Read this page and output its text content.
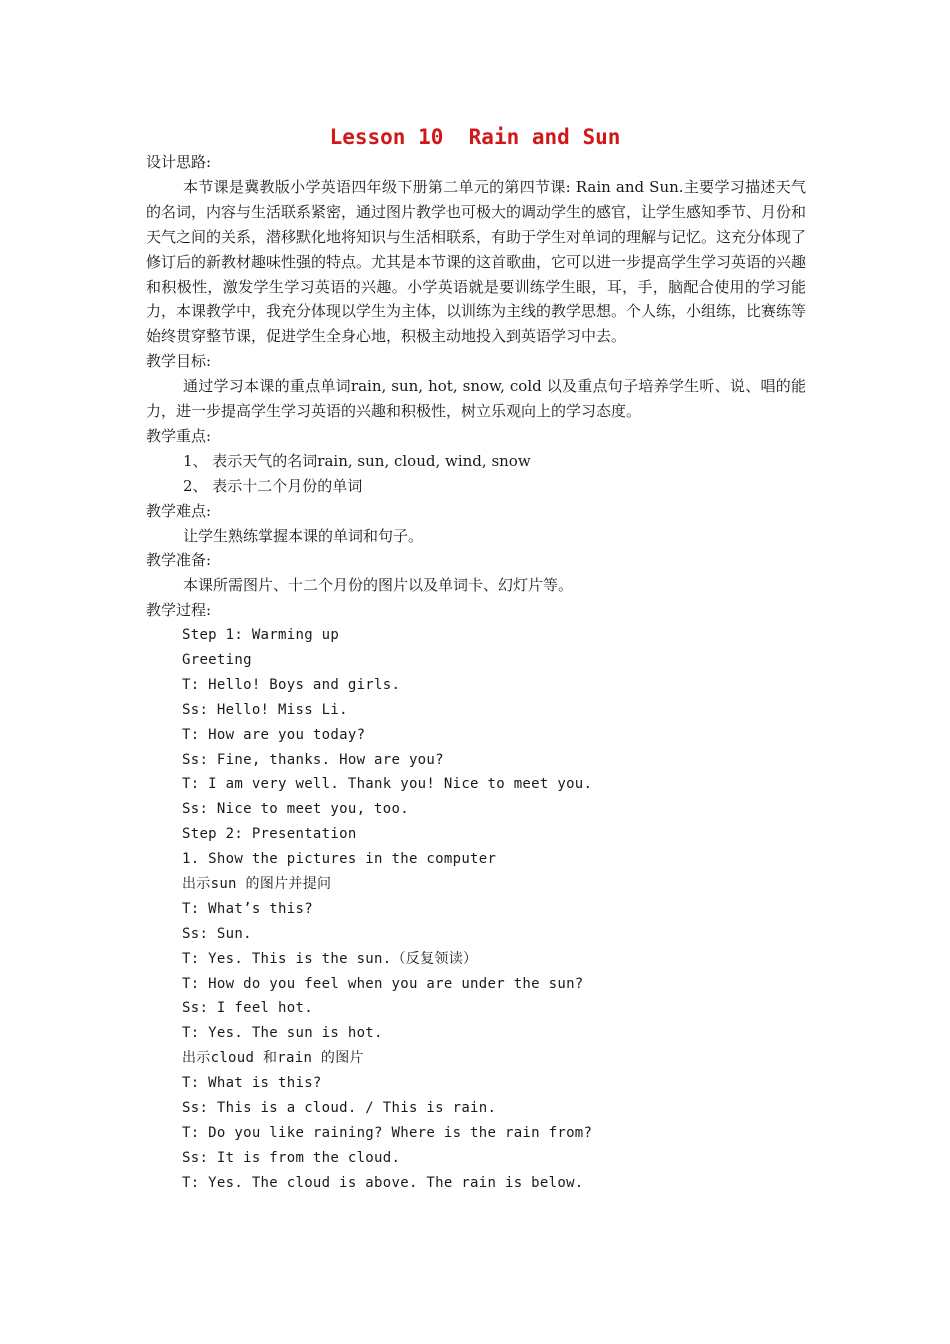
Lesson 10  Rain and Sun
设计思路:
本节课是冀教版小学英语四年级下册第二单元的第四节课: Rain and Sun.主要学习描述天气的名词，内容与生活联系紧密，通过图片教学也可极大的调动学生的感官，让学生感知季节、月份和天气之间的关系，潜移默化地将知识与生活相联系，有助于学生对单词的理解与记忆。这充分体现了修订后的新教材趣味性强的特点。尤其是本节课的这首歌曲，它可以进一步提高学生学习英语的兴趣和积极性，激发学生学习英语的兴趣。小学英语就是要训练学生眼，耳，手，脑配合使用的学习能力，本课教学中，我充分体现以学生为主体，以训练为主线的教学思想。个人练，小组练，比赛练等始终贯穿整节课，促进学生全身心地，积极主动地投入到英语学习中去。
教学目标:
通过学习本课的重点单词rain, sun, hot, snow, cold 以及重点句子培养学生听、说、唱的能力，进一步提高学生学习英语的兴趣和积极性，树立乐观向上的学习态度。
教学重点:
1、 表示天气的名词rain, sun, cloud, wind, snow
2、 表示十二个月份的单词
教学难点:
让学生熟练掌握本课的单词和句子。
教学准备:
本课所需图片、十二个月份的图片以及单词卡、幻灯片等。
教学过程:
Step 1: Warming up
Greeting
T: Hello! Boys and girls.
Ss: Hello! Miss Li.
T: How are you today?
Ss: Fine, thanks. How are you?
T: I am very well. Thank you! Nice to meet you.
Ss: Nice to meet you, too.
Step 2: Presentation
1. Show the pictures in the computer
出示sun 的图片并提问
T: What’s this?
Ss: Sun.
T: Yes. This is the sun.（反复领读）
T: How do you feel when you are under the sun?
Ss: I feel hot.
T: Yes. The sun is hot.
出示cloud 和rain 的图片
T: What is this?
Ss: This is a cloud. / This is rain.
T: Do you like raining? Where is the rain from?
Ss: It is from the cloud.
T: Yes. The cloud is above. The rain is below.
